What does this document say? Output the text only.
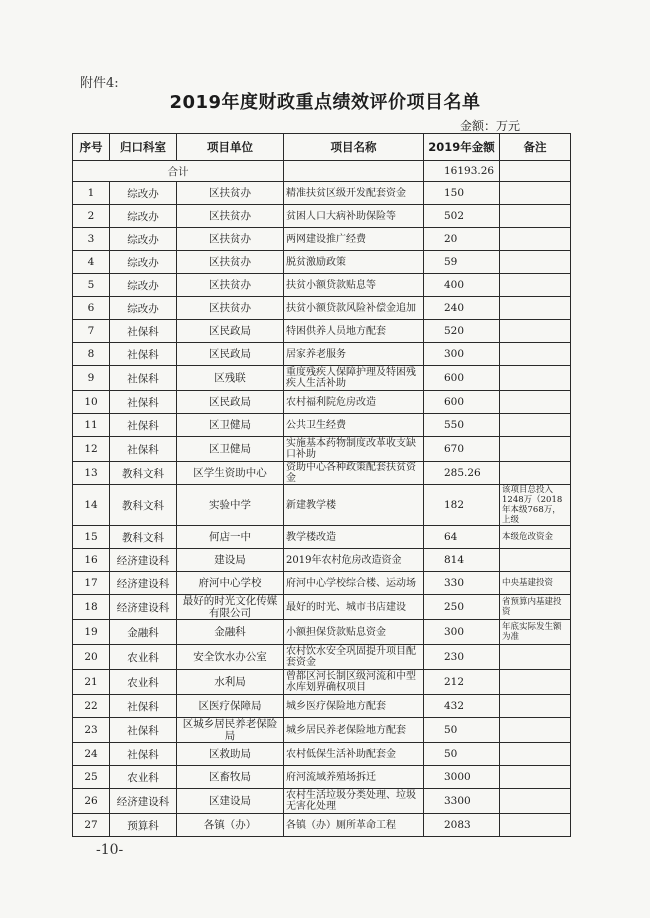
附件4:
2019年度财政重点绩效评价项目名单
金额：万元
序号	归口科室	项目单位	项目名称	2019年金额	备注
合计				16193.26	
1	综改办	区扶贫办	精准扶贫区级开发配套资金	150	
2	综改办	区扶贫办	贫困人口大病补助保险等	502	
3	综改办	区扶贫办	两网建设推广经费	20	
4	综改办	区扶贫办	脱贫激励政策	59	
5	综改办	区扶贫办	扶贫小额贷款贴息等	400	
6	综改办	区扶贫办	扶贫小额贷款风险补偿金追加	240	
7	社保科	区民政局	特困供养人员地方配套	520	
8	社保科	区民政局	居家养老服务	300	
9	社保科	区残联	重度残疾人保障护理及特困残疾人生活补助	600	
10	社保科	区民政局	农村福利院危房改造	600	
11	社保科	区卫健局	公共卫生经费	550	
12	社保科	区卫健局	实施基本药物制度改革收支缺口补助	670	
13	教科文科	区学生资助中心	资助中心各种政策配套扶贫资金	285.26	
14	教科文科	实验中学	新建教学楼	182	该项目总投入1248万（2018年本级768万，上级
15	教科文科	何店一中	教学楼改造	64	本级危改资金
16	经济建设科	建设局	2019年农村危房改造资金	814	
17	经济建设科	府河中心学校	府河中心学校综合楼、运动场	330	中央基建投资
18	经济建设科	最好的时光文化传媒有限公司	最好的时光、城市书店建设	250	省预算内基建投资
19	金融科	金融科	小额担保贷款贴息资金	300	年底实际发生额为准
20	农业科	安全饮水办公室	农村饮水安全巩固提升项目配套资金	230	
21	农业科	水利局	曾都区河长制区级河流和中型水库划界确权项目	212	
22	社保科	区医疗保障局	城乡医疗保险地方配套	432	
23	社保科	区城乡居民养老保险局	城乡居民养老保险地方配套	50	
24	社保科	区救助局	农村低保生活补助配套金	50	
25	农业科	区畜牧局	府河流域养殖场拆迁	3000	
26	经济建设科	区建设局	农村生活垃圾分类处理、垃圾无害化处理	3300	
27	预算科	各镇（办）	各镇（办）厕所革命工程	2083	
-10-
